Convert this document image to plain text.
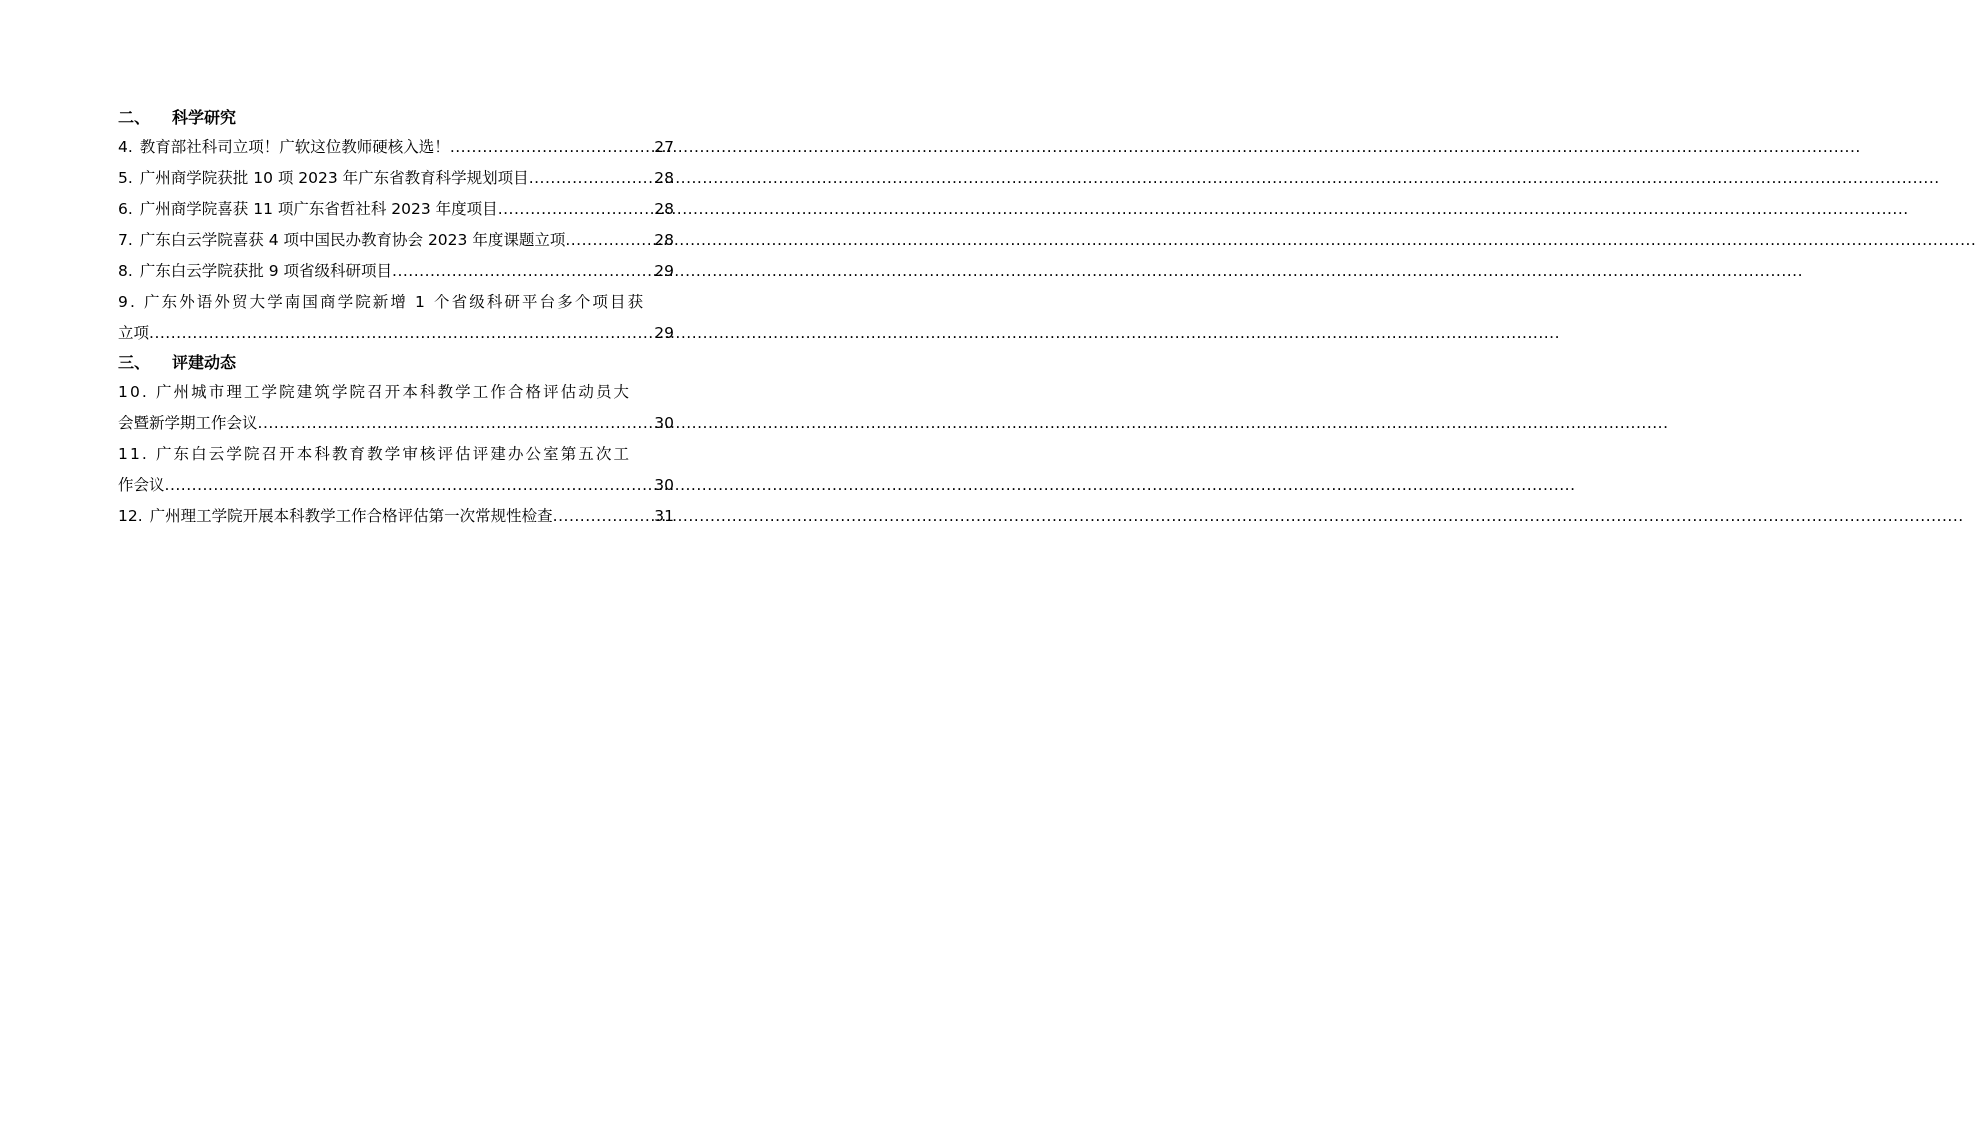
二、 科学研究
4. 教育部社科司立项！广软这位教师硬核入选！ .....	27
5. 广州商学院获批 10 项 2023 年广东省教育科学规划项目 .....	28
6. 广州商学院喜获 11 项广东省哲社科 2023 年度项目 .....	28
7. 广东白云学院喜获 4 项中国民办教育协会 2023 年度课题立项 .....	28
8. 广东白云学院获批 9 项省级科研项目 .....	29
9. 广东外语外贸大学南国商学院新增 1 个省级科研平台多个项目获
立项 .....	29
三、 评建动态
10. 广州城市理工学院建筑学院召开本科教学工作合格评估动员大
会暨新学期工作会议 .....	30
11. 广东白云学院召开本科教育教学审核评估评建办公室第五次工
作会议 .....	30
12. 广州理工学院开展本科教学工作合格评估第一次常规性检查 .....	31
